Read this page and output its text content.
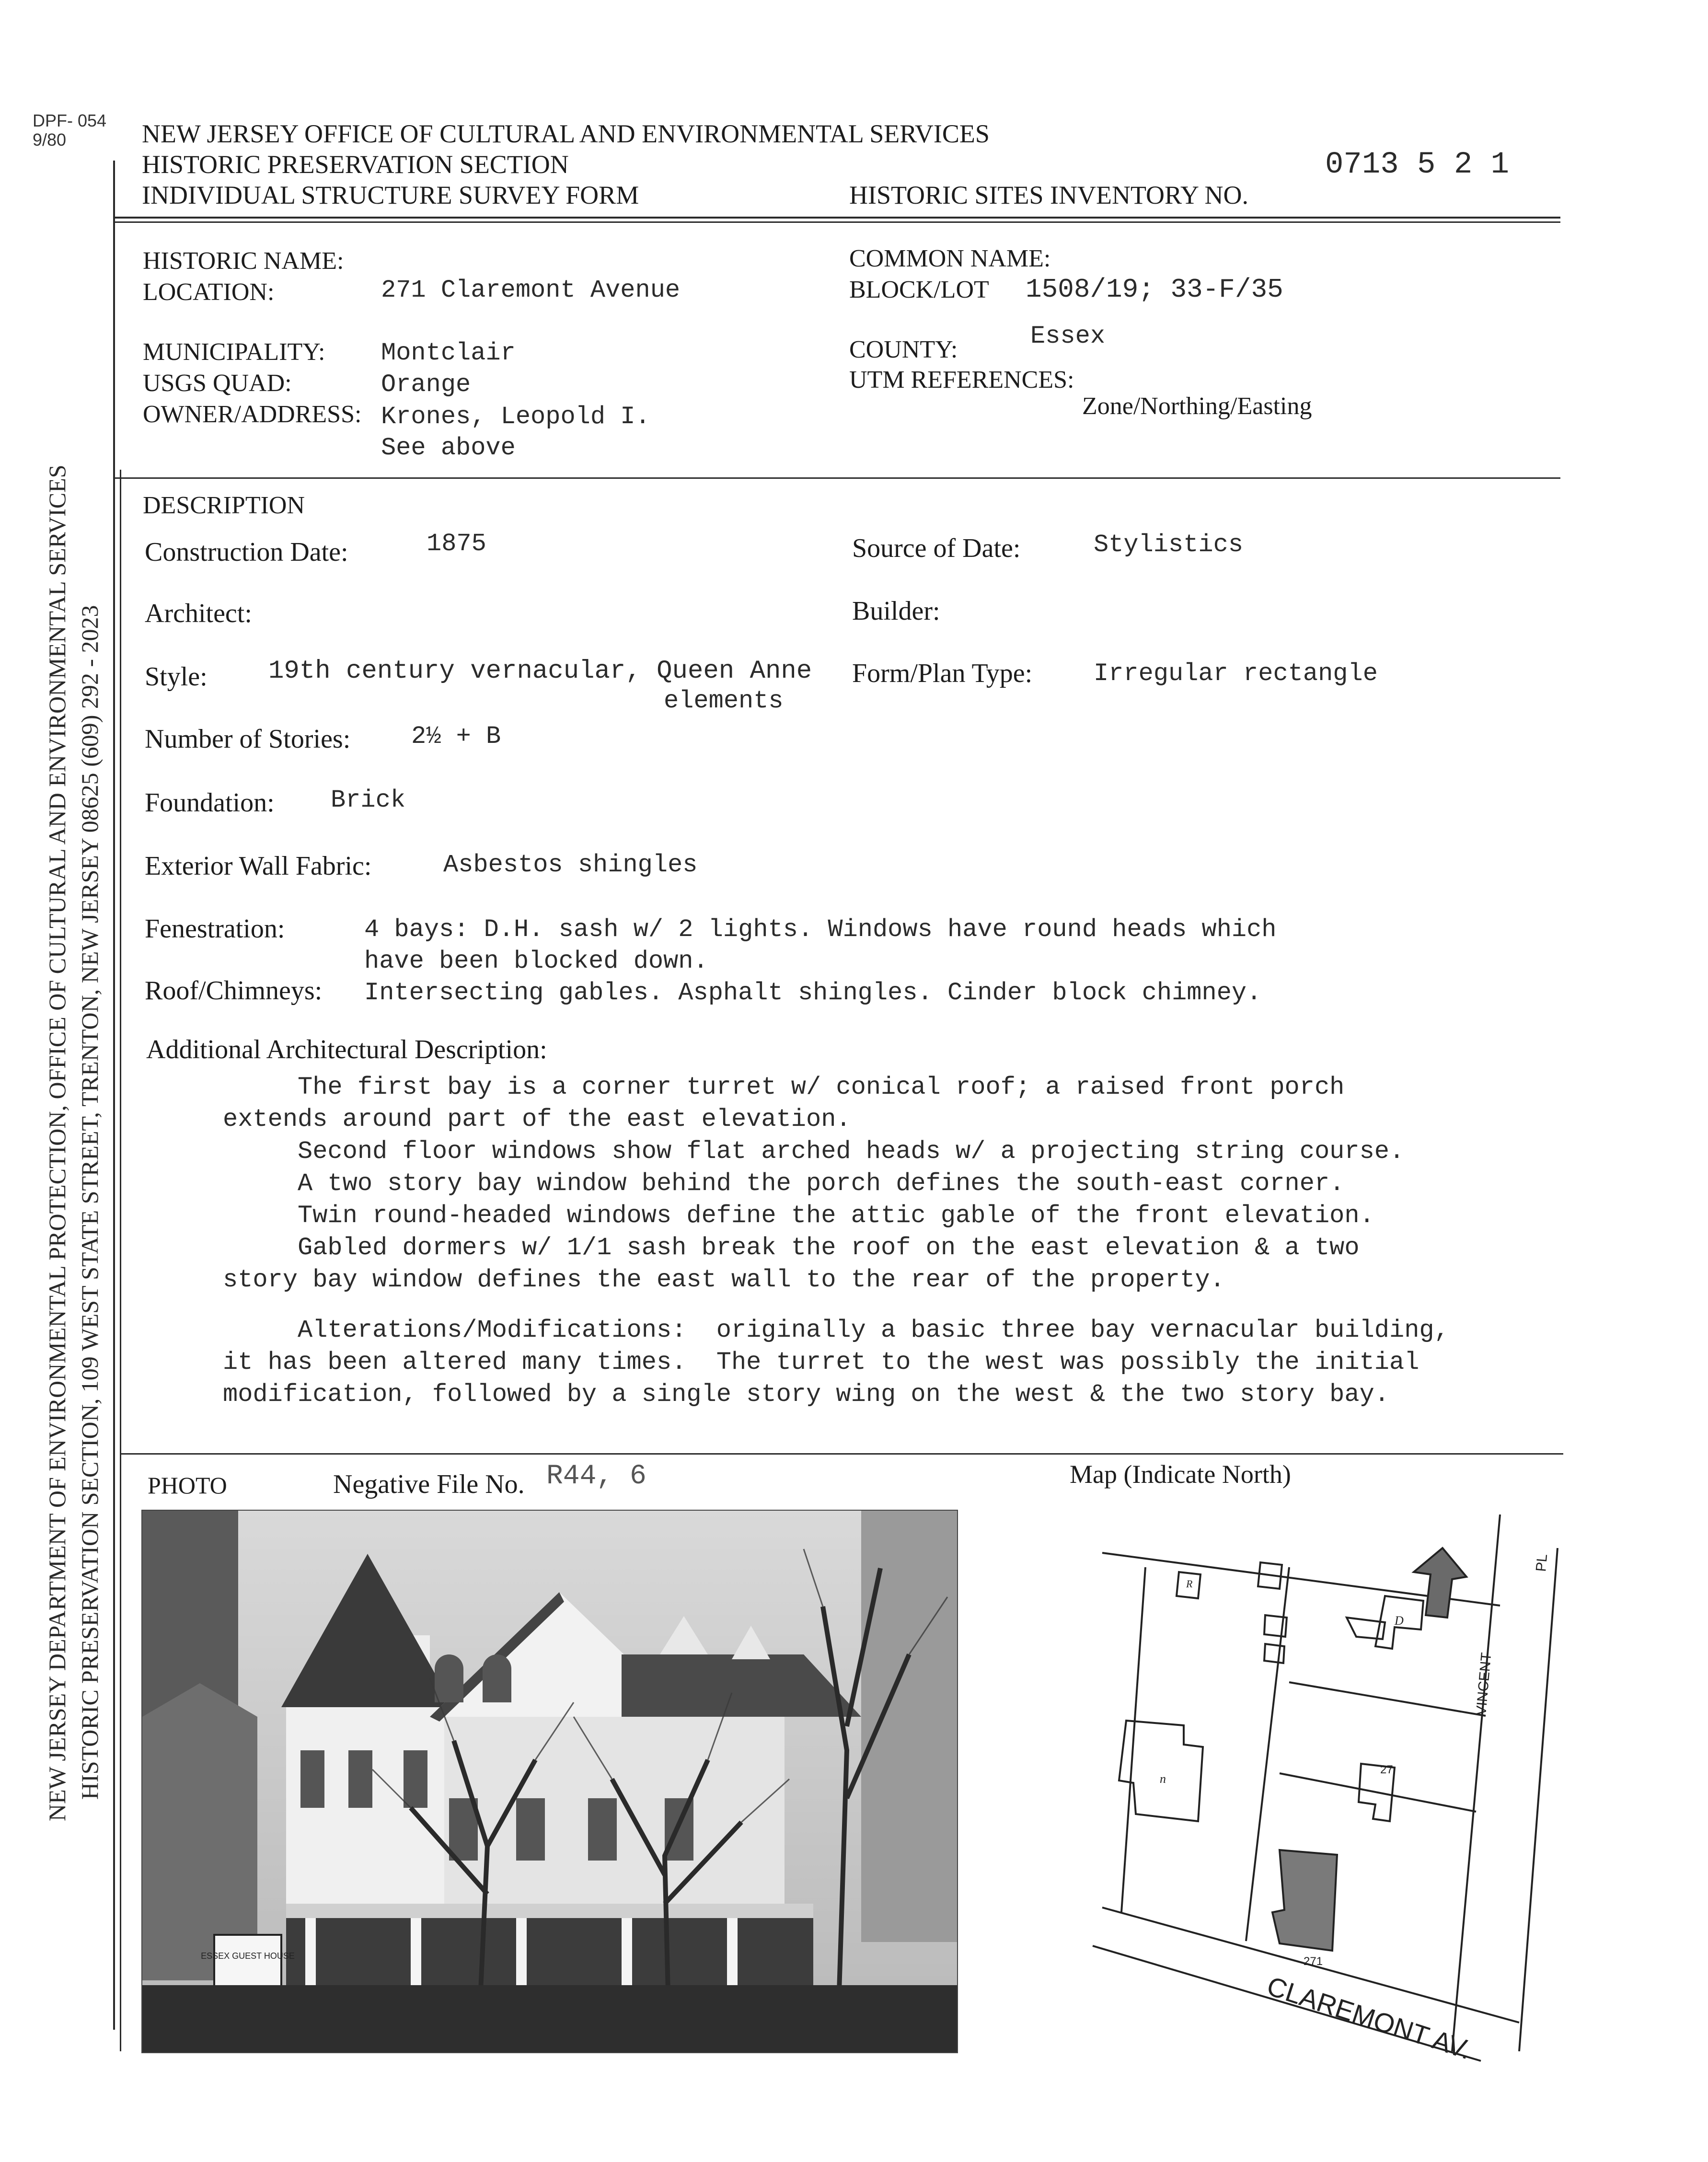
DPF- 054
9/80
NEW JERSEY DEPARTMENT OF ENVIRONMENTAL PROTECTION, OFFICE OF CULTURAL AND ENVIRONMENTAL SERVICES HISTORIC PRESERVATION SECTION, 109 WEST STATE STREET, TRENTON, NEW JERSEY 08625 (609) 292 - 2023
NEW JERSEY OFFICE OF CULTURAL AND ENVIRONMENTAL SERVICES
HISTORIC PRESERVATION SECTION
INDIVIDUAL STRUCTURE SURVEY FORM	HISTORIC SITES INVENTORY NO.
0713 5 2 1
HISTORIC NAME:
LOCATION:	271 Claremont Avenue
COMMON NAME:
BLOCK/LOT 1508/19; 33-F/35
MUNICIPALITY: Montclair
USGS QUAD:	Orange
OWNER/ADDRESS: Krones, Leopold I.
See above
Essex
COUNTY:
UTM REFERENCES:
Zone/Northing/Easting
DESCRIPTION
Construction Date:	1875	Source of Date:	Stylistics
Architect:	Builder:
Style: 19th century vernacular, Queen Anne
elements
Form/Plan Type: Irregular rectangle
Number of Stories: 2½ + B
Foundation: Brick
Exterior Wall Fabric:	Asbestos shingles
Fenestration:	4 bays: D.H. sash w/ 2 lights. Windows have round heads which
have been blocked down.
Roof/Chimneys: Intersecting gables. Asphalt shingles. Cinder block chimney.
Additional Architectural Description:
The first bay is a corner turret w/ conical roof; a raised front porch
extends around part of the east elevation.
Second floor windows show flat arched heads w/ a projecting string course.
A two story bay window behind the porch defines the south-east corner.
Twin round-headed windows define the attic gable of the front elevation.
Gabled dormers w/ 1/1 sash break the roof on the east elevation & a two
story bay window defines the east wall to the rear of the property.
Alterations/Modifications:  originally a basic three bay vernacular building,
it has been altered many times.  The turret to the west was possibly the initial
modification, followed by a single story wing on the west & the two story bay.
PHOTO	Negative File No. R44, 6	Map (Indicate North)
ESSEX GUEST HOUSE
CLAREMONT AV.
VINCENT
PL
271
27
n
D
R
